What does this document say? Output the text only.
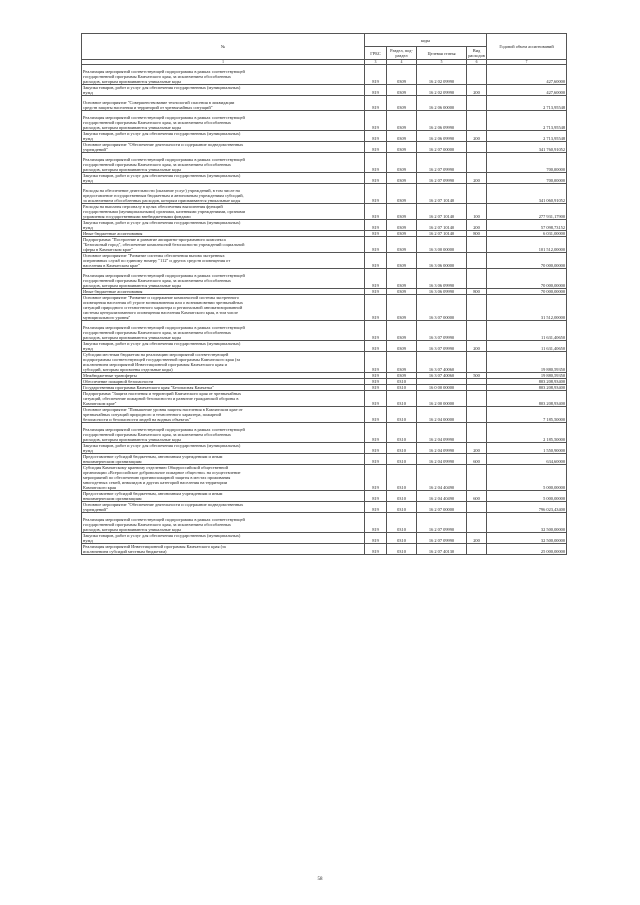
№	коды				Годовой объем ассигнований
	ГРБС	Раздел, под-раздел	Целевая статья	Вид расходов	
1	3	4	5	6	7

Реализация мероприятий соответствующей подпрограммы в рамках соответствующей
государственной программы Камчатского края, за исключением обособленных
расходов, которым присваиваются уникальные коды	819	0309	16 2 02 09990		427,60000

Закупка товаров, работ и услуг для обеспечения государственных (муниципальных)
нужд	819	0309	16 2 02 09990	200	427,60000

Основное мероприятие "Совершенствование технологий спасения в ликвидации
средств защиты населения и территорий от чрезвычайных ситуаций"	819	0309	16 2 06 00000		2 713,95548

Реализация мероприятий соответствующей подпрограммы в рамках соответствующей
государственной программы Камчатского края, за исключением обособленных
расходов, которым присваиваются уникальные коды	819	0309	16 2 06 09990		2 713,95548

Закупка товаров, работ и услуг для обеспечения государственных (муниципальных)
нужд	819	0309	16 2 06 09990	200	2 713,95548

Основное мероприятие "Обеспечение деятельности и содержание подведомственных
учреждений"	819	0309	16 2 07 00000		341 760,91052

Реализация мероприятий соответствующей подпрограммы в рамках соответствующей
государственной программы Камчатского края, за исключением обособленных
расходов, которым присваиваются уникальные коды	819	0309	16 2 07 09990		700,00000

Закупка товаров, работ и услуг для обеспечения государственных (муниципальных)
нужд	819	0309	16 2 07 09990	200	700,00000

Расходы на обеспечение деятельности (оказание услуг) учреждений, в том числе на
предоставление государственным бюджетным и автономным учреждениям субсидий,
за исключением обособленных расходов, которым присваиваются уникальные коды	819	0309	16 2 07 10140		341 060,91052

Расходы на выплаты персоналу в целях обеспечения выполнения функций
государственными (муниципальными) органами, казенными учреждениями, органами
управления государственными внебюджетными фондами	819	0309	16 2 07 10140	100	277 931,17900

Закупка товаров, работ и услуг для обеспечения государственных (муниципальных)
нужд	819	0309	16 2 07 10140	200	57 098,73152

Иные бюджетные ассигнования	819	0309	16 2 07 10140	800	6 031,00000

Подпрограмма "Построение и развитие аппаратно-программного комплекса
"Безопасный город", обеспечение комплексной безопасности учреждений социальной
сферы в Камчатском крае"	819	0309	16 3 00 00000		101 512,00000

Основное мероприятие "Развитие системы обеспечения вызова экстренных
оперативных служб по единому номеру "112" и других средств оповещения от
населения в Камчатском крае"	819	0309	16 3 06 00000		70 000,00000

Реализация мероприятий соответствующей подпрограммы в рамках соответствующей
государственной программы Камчатского края, за исключением обособленных
расходов, которым присваиваются уникальные коды	819	0309	16 3 06 09990		70 000,00000

Иные бюджетные ассигнования	819	0309	16 3 06 09990	800	70 000,00000

Основное мероприятие "Развитие и содержание комплексной системы экстренного
оповещения населения об угрозе возникновения или о возникновении чрезвычайных
ситуаций природного и техногенного характера и региональной автоматизированной
системы централизованного оповещения населения Камчатского края, в том числе
муниципального уровня"	819	0309	16 3 07 00000		31 512,00000

Реализация мероприятий соответствующей подпрограммы в рамках соответствующей
государственной программы Камчатского края, за исключением обособленных
расходов, которым присваиваются уникальные коды	819	0309	16 3 07 09990		11 631,40650

Закупка товаров, работ и услуг для обеспечения государственных (муниципальных)
нужд	819	0309	16 3 07 09990	200	11 631,40650

Субсидии местным бюджетам на реализацию мероприятий соответствующей
подпрограммы соответствующей государственной программы Камчатского края (за
исключением мероприятий Инвестиционной программы Камчатского края и
субсидий, которым присвоены отдельные коды)	819	0309	16 3 07 40060		19 880,59350

Межбюджетные трансферты	819	0309	16 3 07 40060	500	19 880,59350

Обеспечение пожарной безопасности	819	0310			803 208,93400

Государственная программа Камчатского края "Безопасная Камчатка"	819	0310	16 0 00 00000		803 208,93400

Подпрограмма "Защита населения и территорий Камчатского края от чрезвычайных
ситуаций, обеспечение пожарной безопасности и развитие гражданской обороны в
Камчатском крае"	819	0310	16 2 00 00000		803 208,93400

Основное мероприятие "Повышение уровня защиты населения в Камчатском крае от
чрезвычайных ситуаций природного и техногенного характера, пожарной
безопасности и безопасности людей на водных объектах"	819	0310	16 2 04 00000		7 185,50000

Реализация мероприятий соответствующей подпрограммы в рамках соответствующей
государственной программы Камчатского края, за исключением обособленных
расходов, которым присваиваются уникальные коды	819	0310	16 2 04 09990		2 185,50000

Закупка товаров, работ и услуг для обеспечения государственных (муниципальных)
нужд	819	0310	16 2 04 09990	200	1 550,90000

Предоставление субсидий бюджетным, автономным учреждениям и иным
некоммерческим организациям	819	0310	16 2 04 09990	600	634,60000

Субсидия Камчатскому краевому отделению Общероссийской общественной
организации «Всероссийское добровольное пожарное общество» на осуществление
мероприятий по обеспечению противопожарной защиты в местах проживания
многодетных семей, инвалидов и других категорий населения на территории
Камчатского края	819	0310	16 2 04 40490		5 000,00000

Предоставление субсидий бюджетным, автономным учреждениям и иным
некоммерческим организациям	819	0310	16 2 04 40490	600	5 000,00000

Основное мероприятие "Обеспечение деятельности и содержание подведомственных
учреждений"	819	0310	16 2 07 00000		796 023,43400

Реализация мероприятий соответствующей подпрограммы в рамках соответствующей
государственной программы Камчатского края, за исключением обособленных
расходов, которым присваиваются уникальные коды	819	0310	16 2 07 09990		32 500,00000

Закупка товаров, работ и услуг для обеспечения государственных (муниципальных)
нужд	819	0310	16 2 07 09990	200	32 500,00000

Реализация мероприятий Инвестиционной программы Камчатского края (за
исключением субсидий местным бюджетам)	819	0310	16 2 07 40130		25 000,00000
58
